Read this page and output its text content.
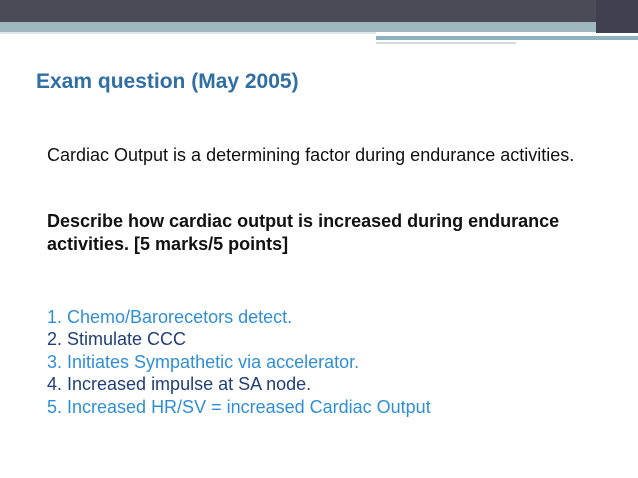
Exam question (May 2005)
Cardiac Output is a determining factor during endurance activities.
Describe how cardiac output is increased during endurance activities. [5 marks/5 points]
1. Chemo/Barorecetors detect.
2. Stimulate CCC
3. Initiates Sympathetic via accelerator.
4. Increased impulse at SA node.
5. Increased HR/SV = increased Cardiac Output
